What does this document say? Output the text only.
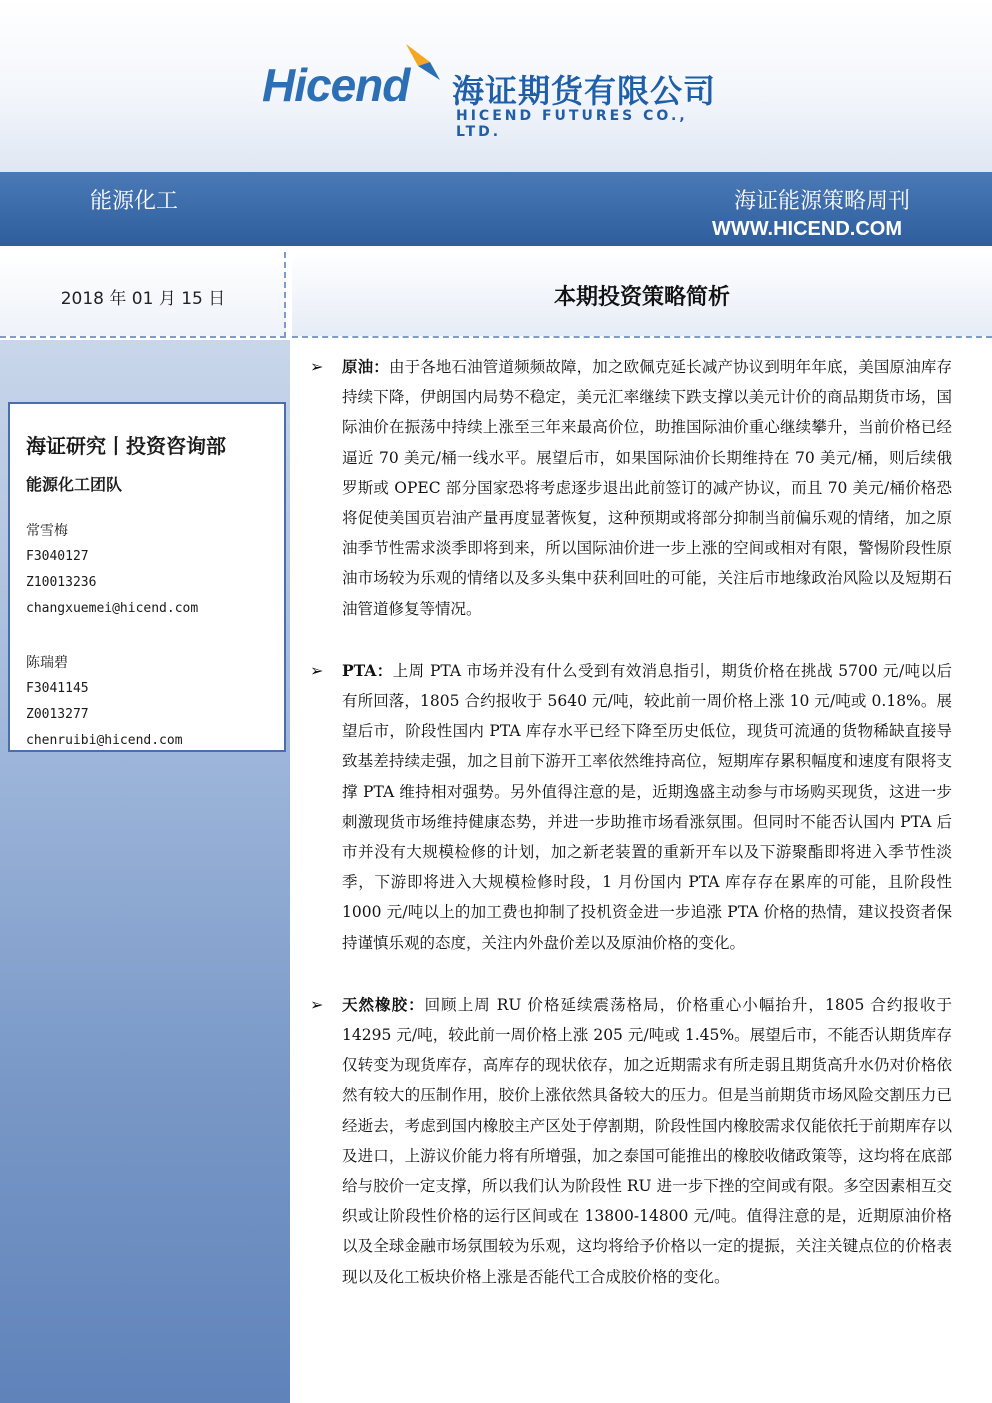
Hicend 海证期货有限公司
HICEND FUTURES CO., LTD.
能源化工	海证能源策略周刊
WWW.HICEND.COM
2018 年 01 月 15 日	本期投资策略简析
海证研究丨投资咨询部
能源化工团队
常雪梅
F3040127
Z10013236
changxuemei@hicend.com
陈瑞碧
F3041145
Z0013277
chenruibi@hicend.com
➢ 原油：由于各地石油管道频频故障，加之欧佩克延长减产协议到明年年底，美国原油库存持续下降，伊朗国内局势不稳定，美元汇率继续下跌支撑以美元计价的商品期货市场，国际油价在振荡中持续上涨至三年来最高价位，助推国际油价重心继续攀升，当前价格已经逼近 70 美元/桶一线水平。展望后市，如果国际油价长期维持在 70 美元/桶，则后续俄罗斯或 OPEC 部分国家恐将考虑逐步退出此前签订的减产协议，而且 70 美元/桶价格恐将促使美国页岩油产量再度显著恢复，这种预期或将部分抑制当前偏乐观的情绪，加之原油季节性需求淡季即将到来，所以国际油价进一步上涨的空间或相对有限，警惕阶段性原油市场较为乐观的情绪以及多头集中获利回吐的可能，关注后市地缘政治风险以及短期石油管道修复等情况。
➢ PTA：上周 PTA 市场并没有什么受到有效消息指引，期货价格在挑战 5700 元/吨以后有所回落，1805 合约报收于 5640 元/吨，较此前一周价格上涨 10 元/吨或 0.18%。展望后市，阶段性国内 PTA 库存水平已经下降至历史低位，现货可流通的货物稀缺直接导致基差持续走强，加之目前下游开工率依然维持高位，短期库存累积幅度和速度有限将支撑 PTA 维持相对强势。另外值得注意的是，近期逸盛主动参与市场购买现货，这进一步刺激现货市场维持健康态势，并进一步助推市场看涨氛围。但同时不能否认国内 PTA 后市并没有大规模检修的计划，加之新老装置的重新开车以及下游聚酯即将进入季节性淡季，下游即将进入大规模检修时段，1 月份国内 PTA 库存存在累库的可能，且阶段性 1000 元/吨以上的加工费也抑制了投机资金进一步追涨 PTA 价格的热情，建议投资者保持谨慎乐观的态度，关注内外盘价差以及原油价格的变化。
➢ 天然橡胶：回顾上周 RU 价格延续震荡格局，价格重心小幅抬升，1805 合约报收于 14295 元/吨，较此前一周价格上涨 205 元/吨或 1.45%。展望后市，不能否认期货库存仅转变为现货库存，高库存的现状依存，加之近期需求有所走弱且期货高升水仍对价格依然有较大的压制作用，胶价上涨依然具备较大的压力。但是当前期货市场风险交割压力已经逝去，考虑到国内橡胶主产区处于停割期，阶段性国内橡胶需求仅能依托于前期库存以及进口，上游议价能力将有所增强，加之泰国可能推出的橡胶收储政策等，这均将在底部给与胶价一定支撑，所以我们认为阶段性 RU 进一步下挫的空间或有限。多空因素相互交织或让阶段性价格的运行区间或在 13800-14800 元/吨。值得注意的是，近期原油价格以及全球金融市场氛围较为乐观，这均将给予价格以一定的提振，关注关键点位的价格表现以及化工板块价格上涨是否能代工合成胶价格的变化。
